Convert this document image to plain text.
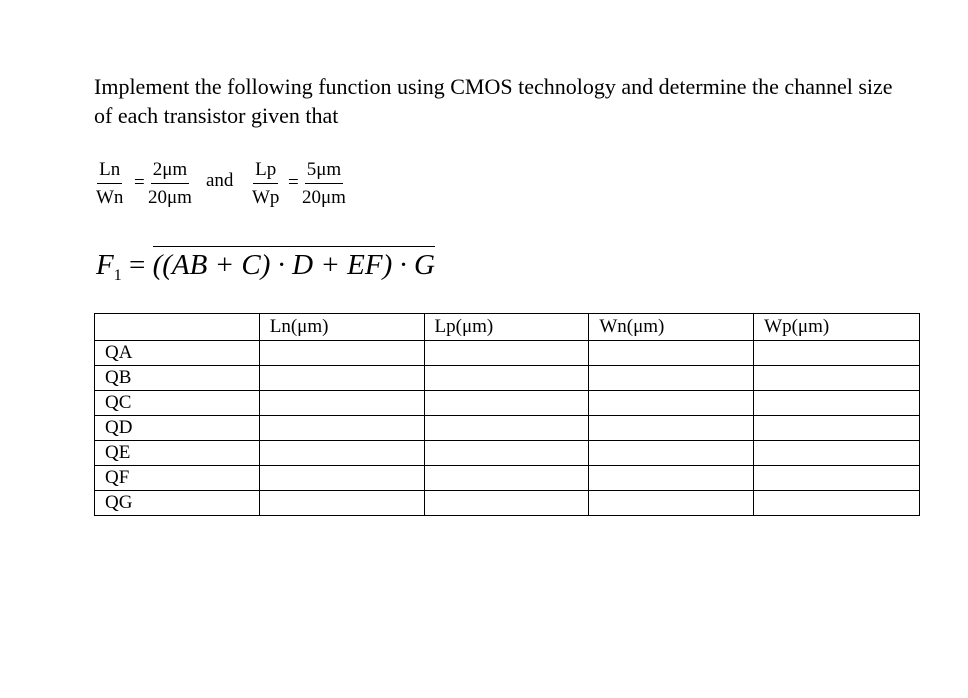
Implement the following function using CMOS technology and determine the channel size of each transistor given that

$\frac{Ln}{Wn} = \frac{2\mu m}{20\mu m}$ and $\frac{Lp}{Wp} = \frac{5\mu m}{20\mu m}$
$F_1 = ((AB + C) \cdot D + EF) \cdot G$
	Ln(μm)	Lp(μm)	Wn(μm)	Wp(μm)
QA				
QB				
QC				
QD				
QE				
QF				
QG				
